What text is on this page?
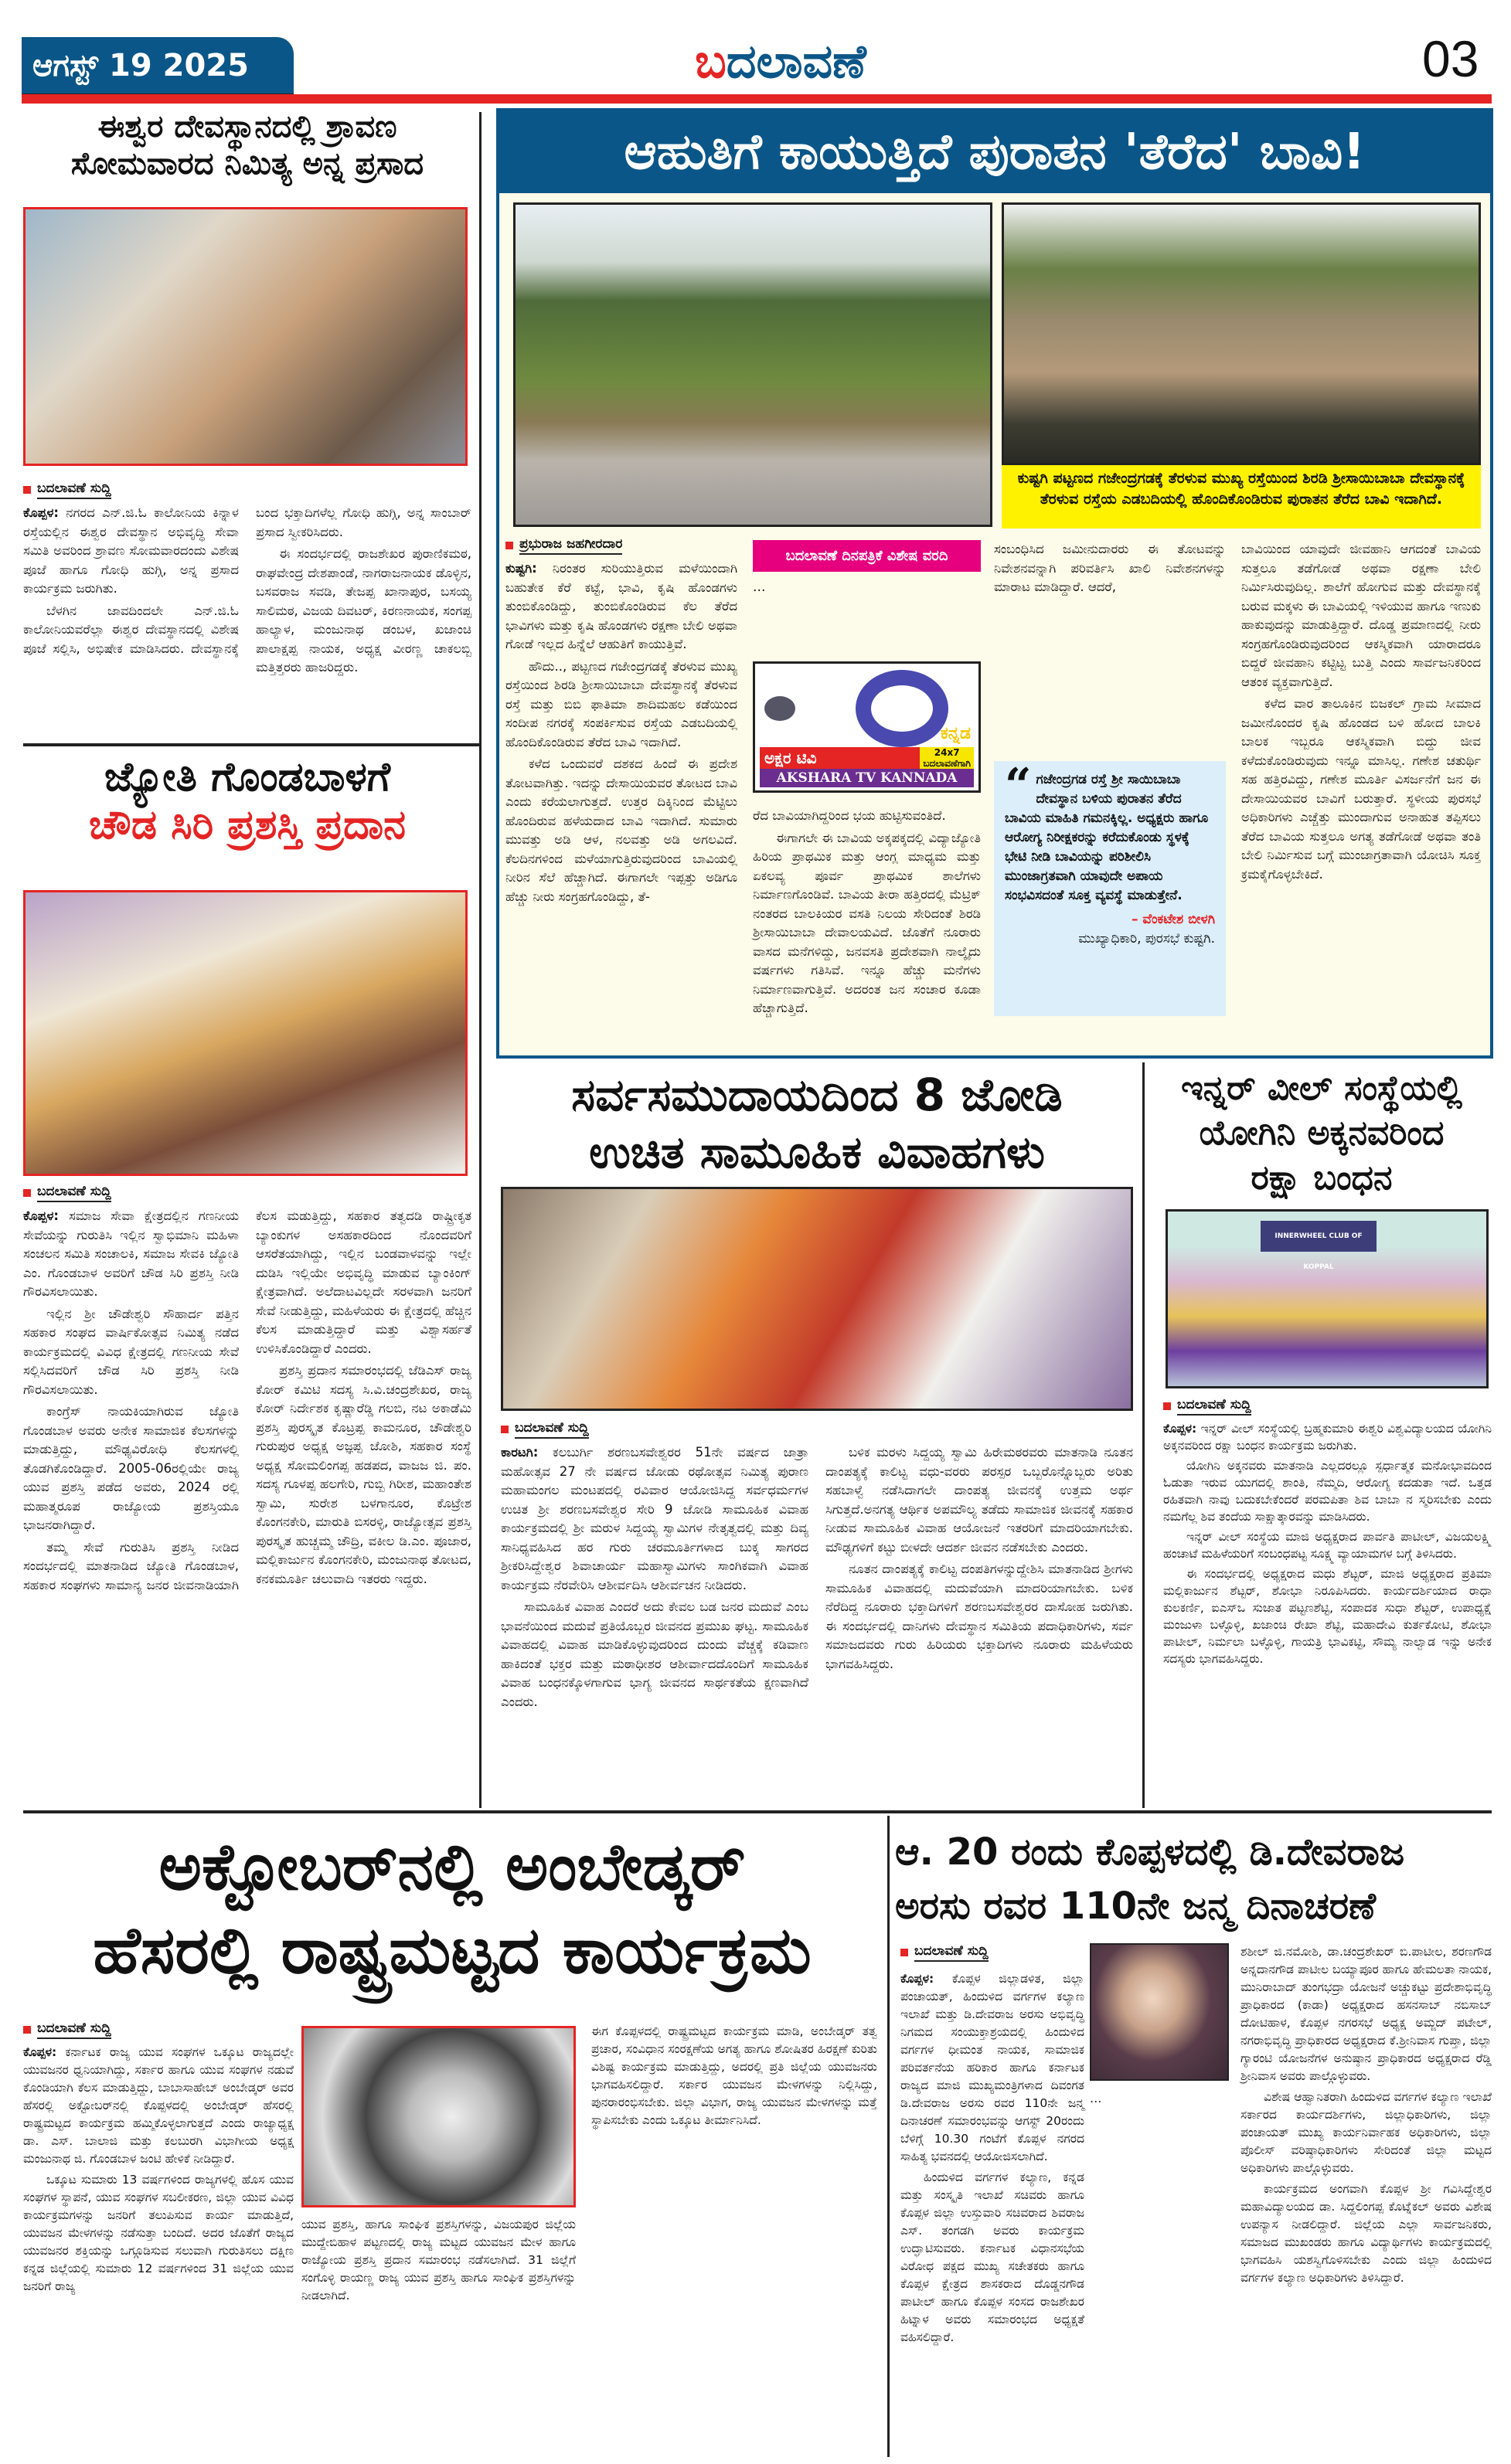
ಆಗಸ್ಟ್ 19 2025	ಬದಲಾವಣೆ	03
ಈಶ್ವರ ದೇವಸ್ಥಾನದಲ್ಲಿ ಶ್ರಾವಣ
ಸೋಮವಾರದ ನಿಮಿತ್ಯ ಅನ್ನ ಪ್ರಸಾದ
ಬದಲಾವಣೆ ಸುದ್ದಿ

ಕೊಪ್ಪಳ: ನಗರದ ಎನ್.ಜಿ.ಓ ಕಾಲೋನಿಯ ಕಿನ್ನಾಳ ರಸ್ತೆಯಲ್ಲಿನ ಈಶ್ವರ ದೇವಸ್ಥಾನ ಅಭಿವೃದ್ಧಿ ಸೇವಾ ಸಮಿತಿ ಅವರಿಂದ ಶ್ರಾವಣ ಸೋಮವಾರದಂದು ವಿಶೇಷ ಪೂಜೆ ಹಾಗೂ ಗೋಧಿ ಹುಗ್ಗಿ, ಅನ್ನ ಪ್ರಸಾದ ಕಾರ್ಯಕ್ರಮ ಜರುಗಿತು.

ಬೆಳಗಿನ ಜಾವದಿಂದಲೇ ಎನ್.ಜಿ.ಓ ಕಾಲೋನಿಯವರೆಲ್ಲಾ ಈಶ್ವರ ದೇವಸ್ಥಾನದಲ್ಲಿ ವಿಶೇಷ ಪೂಜೆ ಸಲ್ಲಿಸಿ, ಅಭಿಷೇಕ ಮಾಡಿಸಿದರು. ದೇವಸ್ಥಾನಕ್ಕೆ ಬಂದ ಭಕ್ತಾದಿಗಳೆಲ್ಲ ಗೋಧಿ ಹುಗ್ಗಿ, ಅನ್ನ ಸಾಂಬಾರ್ ಪ್ರಸಾದ ಸ್ವೀಕರಿಸಿದರು.

ಈ ಸಂದರ್ಭದಲ್ಲಿ ರಾಜಶೇಖರ ಪುರಾಣಿಕಮಠ, ರಾಘವೇಂದ್ರ ದೇಶಪಾಂಡೆ, ನಾಗರಾಜನಾಯಕ ಡೊಳ್ಳಿನ, ಬಸವರಾಜ ಸವಡಿ, ತೇಜಪ್ಪ ಖಾನಾಪುರ, ಬಸಯ್ಯ ಸಾಲಿಮಠ, ವಿಜಯ ದಿವಟರ್, ಕಿರಣನಾಯಕ, ಸಂಗಪ್ಪ ಹಾಲ್ಯಾಳ, ಮಂಜುನಾಥ ಡಂಬಳ, ಖಜಾಂಚಿ ಪಾಲಾಕ್ಷಪ್ಪ ನಾಯಕ, ಅಧ್ಯಕ್ಷ ವೀರಣ್ಣ ಚಾಕಲಬ್ಬಿ ಮತ್ತಿತ್ತರರು ಹಾಜರಿದ್ದರು.

ಜ್ಯೋತಿ ಗೊಂಡಬಾಳಗೆ
ಚೌಡ ಸಿರಿ ಪ್ರಶಸ್ತಿ ಪ್ರದಾನ
ಬದಲಾವಣೆ ಸುದ್ದಿ

ಕೊಪ್ಪಳ: ಸಮಾಜ ಸೇವಾ ಕ್ಷೇತ್ರದಲ್ಲಿನ ಗಣನೀಯ ಸೇವೆಯನ್ನು ಗುರುತಿಸಿ ಇಲ್ಲಿನ ಸ್ವಾಭಿಮಾನಿ ಮಹಿಳಾ ಸಂಚಲನ ಸಮಿತಿ ಸಂಚಾಲಕಿ, ಸಮಾಜ ಸೇವಕಿ ಜ್ಯೋತಿ ಎಂ. ಗೊಂಡಬಾಳ ಅವರಿಗೆ ಚೌಡ ಸಿರಿ ಪ್ರಶಸ್ತಿ ನೀಡಿ ಗೌರವಿಸಲಾಯಿತು.

ಇಲ್ಲಿನ ಶ್ರೀ ಚೌಡೇಶ್ವರಿ ಸೌಹಾರ್ದ ಪತ್ತಿನ ಸಹಕಾರ ಸಂಘದ ವಾರ್ಷಿಕೋತ್ಸವ ನಿಮಿತ್ಯ ನಡೆದ ಕಾರ್ಯಕ್ರಮದಲ್ಲಿ ವಿವಿಧ ಕ್ಷೇತ್ರದಲ್ಲಿ ಗಣನೀಯ ಸೇವೆ ಸಲ್ಲಿಸಿದವರಿಗೆ ಚೌಡ ಸಿರಿ ಪ್ರಶಸ್ತಿ ನೀಡಿ ಗೌರವಿಸಲಾಯಿತು.

ಕಾಂಗ್ರೆಸ್ ನಾಯಕಿಯಾಗಿರುವ ಜ್ಯೋತಿ ಗೊಂಡಬಾಳ ಅವರು ಅನೇಕ ಸಾಮಾಜಿಕ ಕೆಲಸಗಳನ್ನು ಮಾಡುತ್ತಿದ್ದು, ಮೌಢ್ಯವಿರೋಧಿ ಕೆಲಸಗಳಲ್ಲಿ ತೊಡಗಿಕೊಂಡಿದ್ದಾರೆ. 2005-06ರಲ್ಲಿಯೇ ರಾಜ್ಯ ಯುವ ಪ್ರಶಸ್ತಿ ಪಡೆದ ಅವರು, 2024 ರಲ್ಲಿ ಮಹಾತ್ಮರೂಪ ರಾಜ್ಯೋಯ ಪ್ರಶಸ್ತಿಯೂ ಭಾಜನರಾಗಿದ್ದಾರೆ.

ತಮ್ಮ ಸೇವೆ ಗುರುತಿಸಿ ಪ್ರಶಸ್ತಿ ನೀಡಿದ ಸಂದರ್ಭದಲ್ಲಿ ಮಾತನಾಡಿದ ಜ್ಯೋತಿ ಗೊಂಡಬಾಳ, ಸಹಕಾರ ಸಂಘಗಳು ಸಾಮಾನ್ಯ ಜನರ ಜೀವನಾಡಿಯಾಗಿ ಕೆಲಸ ಮಡುತ್ತಿದ್ದು, ಸಹಕಾರ ತತ್ವದಡಿ ರಾಷ್ಟ್ರೀಕೃತ ಬ್ಯಾಂಕುಗಳ ಅಸಹಕಾರದಿಂದ ನೊಂದವರಿಗೆ ಆಸರೆತಯಾಗಿದ್ದು, ಇಲ್ಲಿನ ಬಂಡವಾಳವನ್ನು ಇಲ್ಲೇ ದುಡಿಸಿ ಇಲ್ಲಿಯೇ ಅಭಿವೃದ್ಧಿ ಮಾಡುವ ಬ್ಯಾಂಕಿಂಗ್ ಕ್ಷೇತ್ರವಾಗಿದೆ. ಅಲೆದಾಟವಿಲ್ಲದೇ ಸರಳವಾಗಿ ಜನರಿಗೆ ಸೇವೆ ನೀಡುತ್ತಿದ್ದು, ಮಹಿಳೆಯರು ಈ ಕ್ಷೇತ್ರದಲ್ಲಿ ಹೆಚ್ಚಿನ ಕೆಲಸ ಮಾಡುತ್ತಿದ್ದಾರೆ ಮತ್ತು ವಿಶ್ವಾಸರ್ಹತೆ ಉಳಿಸಿಕೊಂಡಿದ್ದಾರೆ ಎಂದರು.

ಪ್ರಶಸ್ತಿ ಪ್ರದಾನ ಸಮಾರಂಭದಲ್ಲಿ ಜೆಡಿಎಸ್ ರಾಜ್ಯ ಕೋರ್ ಕಮಿಟಿ ಸದಸ್ಯ ಸಿ.ವಿ.ಚಂದ್ರಶೇಖರ, ರಾಜ್ಯ ಕೋರ್ ನಿರ್ದೇಶಕ ಕೃಷ್ಣಾರೆಡ್ಡಿ ಗಲಬಿ, ನಟ ಅಕಾಡೆಮಿ ಪ್ರಶಸ್ತಿ ಪುರಸ್ಕೃತ ಕೊಟ್ರಪ್ಪ ಕಾಮನೂರ, ಚೌಡೇಶ್ವರಿ ಗುರುಪುರ ಅಧ್ಯಕ್ಷ ಅಜ್ಞಪ್ಪ ಜೋಶಿ, ಸಹಕಾರ ಸಂಸ್ಥೆ ಅಧ್ಯಕ್ಷ ಸೋಮಲಿಂಗಪ್ಪ ಹಡಪದ, ವಾಜಜ ಜಿ. ಪಂ. ಸದಸ್ಯ ಗೂಳಪ್ಪ ಹಲಗೇರಿ, ಗುಬ್ಬಿ ಗಿರೀಶ, ಮಹಾಂತೇಶ ಸ್ವಾಮಿ, ಸುರೇಶ ಬಳಗಾನೂರ, ಕೊಟ್ರೇಶ ಕೊಂಗನಕೇರಿ, ಮಾರುತಿ ಬಿಸರಳ್ಳಿ, ರಾಜ್ಯೋತ್ಸವ ಪ್ರಶಸ್ತಿ ಪುರಸ್ಕೃತ ಹುಚ್ಚಮ್ಮ ಚೌದ್ರಿ, ವಕೀಲ ಡಿ.ಎಂ. ಪೂಜಾರ, ಮಲ್ಲಿಕಾರ್ಜುನ ಕೊಂಗನಕೇರಿ, ಮಂಜುನಾಥ ತೋಟದ, ಕನಕಮೂರ್ತಿ ಚಲುವಾದಿ ಇತರರು ಇದ್ದರು.

ಆಹುತಿಗೆ ಕಾಯುತ್ತಿದೆ ಪುರಾತನ 'ತೆರೆದ' ಬಾವಿ!
ಕುಷ್ಟಗಿ ಪಟ್ಟಣದ ಗಜೇಂದ್ರಗಡಕ್ಕೆ ತೆರಳುವ ಮುಖ್ಯ ರಸ್ತೆಯಿಂದ ಶಿರಡಿ ಶ್ರೀಸಾಯಿಬಾಬಾ ದೇವಸ್ಥಾನಕ್ಕೆ ತೆರಳುವ ರಸ್ತೆಯ ಎಡಬದಿಯಲ್ಲಿ ಹೊಂದಿಕೊಂಡಿರುವ ಪುರಾತನ ತೆರೆದ ಬಾವಿ ಇದಾಗಿದೆ.
ಪ್ರಭುರಾಜ ಜಹಗೀರದಾರ

ಕುಷ್ಟಗಿ: ನಿರಂತರ ಸುರಿಯುತ್ತಿರುವ ಮಳೆಯಿಂದಾಗಿ ಬಹುತೇಕ ಕೆರೆ ಕಟ್ಟೆ, ಭಾವಿ, ಕೃಷಿ ಹೊಂಡಗಳು ತುಂಬಿಕೊಂಡಿದ್ದು, ತುಂಬಿಕೊಂಡಿರುವ ಕೆಲ ತೆರೆದ ಭಾವಿಗಳು ಮತ್ತು ಕೃಷಿ ಹೊಂಡಗಳು ರಕ್ಷಣಾ ಬೇಲಿ ಅಥವಾ ಗೋಡೆ ಇಲ್ಲದ ಹಿನ್ನೆಲೆ ಆಹುತಿಗೆ ಕಾಯುತ್ತಿವೆ.

ಹೌದು.., ಪಟ್ಟಣದ ಗಜೇಂದ್ರಗಡಕ್ಕೆ ತೆರಳುವ ಮುಖ್ಯ ರಸ್ತೆಯಿಂದ ಶಿರಡಿ ಶ್ರೀಸಾಯಿಬಾಬಾ ದೇವಸ್ಥಾನಕ್ಕೆ ತೆರಳುವ ರಸ್ತೆ ಮತ್ತು ಬಿಬಿ ಫಾತಿಮಾ ಶಾದಿಮಹಲ ಕಡೆಯಿಂದ ಸಂದೀಪ ನಗರಕ್ಕೆ ಸಂಪರ್ಕಿಸುವ ರಸ್ತೆಯ ಎಡಬದಿಯಲ್ಲಿ ಹೊಂದಿಕೊಂಡಿರುವ ತೆರೆದ ಬಾವಿ ಇದಾಗಿದೆ.

ಕಳೆದ ಒಂದುವರೆ ದಶಕದ ಹಿಂದೆ ಈ ಪ್ರದೇಶ ತೋಟವಾಗಿತ್ತು. ಇದನ್ನು ದೇಸಾಯಿಯವರ ತೋಟದ ಬಾವಿ ಎಂದು ಕರೆಯಲಾಗುತ್ತದೆ. ಉತ್ತರ ದಿಕ್ಕಿನಿಂದ ಮೆಟ್ಟಿಲು ಹೊಂದಿರುವ ಹಳೆಯದಾದ ಬಾವಿ ಇದಾಗಿದೆ. ಸುಮಾರು ಮುವತ್ತು ಅಡಿ ಆಳ, ನಲವತ್ತು ಅಡಿ ಅಗಲವಿದೆ. ಕೆಲದಿನಗಳಿಂದ ಮಳೆಯಾಗುತ್ತಿರುವುದರಿಂದ ಬಾವಿಯಲ್ಲಿ ನೀರಿನ ಸೆಲೆ ಹೆಚ್ಚಾಗಿದೆ. ಈಗಾಗಲೇ ಇಪ್ಪತ್ತು ಅಡಿಗೂ ಹೆಚ್ಚು ನೀರು ಸಂಗ್ರಹಗೊಂಡಿದ್ದು, ತೆ-

ಬದಲಾವಣೆ ದಿನಪತ್ರಿಕೆ ವಿಶೇಷ ವರದಿ

…

ಕನ್ನಡ
ಅಕ್ಷರ ಟಿವಿ	24x7
ಬದಲಾವಣೆಗಾಗಿ
AKSHARA TV KANNADA

ರೆದ ಬಾವಿಯಾಗಿದ್ದರಿಂದ ಭಯ ಹುಟ್ಟಿಸುವಂತಿದೆ.

ಈಗಾಗಲೇ ಈ ಬಾವಿಯ ಅಕ್ಕಪಕ್ಕದಲ್ಲಿ ವಿದ್ಯಾಜ್ಯೋತಿ ಹಿರಿಯ ಪ್ರಾಥಮಿಕ ಮತ್ತು ಆಂಗ್ಲ ಮಾಧ್ಯಮ ಮತ್ತು ಏಕಲವ್ಯ ಪೂರ್ವ ಪ್ರಾಥಮಿಕ ಶಾಲೆಗಳು ನಿರ್ಮಾಣಗೊಂಡಿವೆ. ಬಾವಿಯ ತೀರಾ ಹತ್ತಿರದಲ್ಲಿ ಮೆಟ್ರಿಕ್ ನಂತರದ ಬಾಲಕಿಯರ ವಸತಿ ನಿಲಯ ಸೇರಿದಂತೆ ಶಿರಡಿ ಶ್ರೀಸಾಯಿಬಾಬಾ ದೇವಾಲಯವಿದೆ. ಜೊತೆಗೆ ನೂರಾರು ವಾಸದ ಮನೆಗಳಿದ್ದು, ಜನವಸತಿ ಪ್ರದೇಶವಾಗಿ ನಾಲ್ಕೈದು ವರ್ಷಗಳು ಗತಿಸಿವೆ. ಇನ್ನೂ ಹೆಚ್ಚು ಮನೆಗಳು ನಿರ್ಮಾಣವಾಗುತ್ತಿವೆ. ಅದರಂತ ಜನ ಸಂಚಾರ ಕೂಡಾ ಹೆಚ್ಚಾಗುತ್ತಿದೆ.

ಸಂಬಂಧಿಸಿದ ಜಮೀನುದಾರರು ಈ ತೋಟವನ್ನು ನಿವೇಶನವನ್ನಾಗಿ ಪರಿವರ್ತಿಸಿ ಖಾಲಿ ನಿವೇಶನಗಳನ್ನು ಮಾರಾಟ ಮಾಡಿದ್ದಾರೆ. ಆದರೆ,

“ ಗಜೇಂದ್ರಗಡ ರಸ್ತೆ ಶ್ರೀ ಸಾಯಿಬಾಬಾ ದೇವಸ್ಥಾನ ಬಳಿಯ ಪುರಾತನ ತೆರೆದ ಬಾವಿಯ ಮಾಹಿತಿ ಗಮನಕ್ಕಿಲ್ಲ. ಅಧ್ಯಕ್ಷರು ಹಾಗೂ ಆರೋಗ್ಯ ನಿರೀಕ್ಷಕರನ್ನು ಕರೆದುಕೊಂಡು ಸ್ಥಳಕ್ಕೆ ಭೇಟಿ ನೀಡಿ ಬಾವಿಯನ್ನು ಪರಿಶೀಲಿಸಿ ಮುಂಜಾಗ್ರತವಾಗಿ ಯಾವುದೇ ಅಪಾಯ ಸಂಭವಿಸದಂತೆ ಸೂಕ್ತ ವ್ಯವಸ್ಥೆ ಮಾಡುತ್ತೇನೆ.
– ವೆಂಕಟೇಶ ಬೀಳಗಿ
ಮುಖ್ಯಾಧಿಕಾರಿ, ಪುರಸಭೆ ಕುಷ್ಟಗಿ.

ಬಾವಿಯಿಂದ ಯಾವುದೇ ಜೀವಹಾನಿ ಆಗದಂತೆ ಬಾವಿಯ ಸುತ್ತಲೂ ತಡೆಗೋಡೆ ಅಥವಾ ರಕ್ಷಣಾ ಬೇಲಿ ನಿರ್ಮಿಸಿರುವುದಿಲ್ಲ. ಶಾಲೆಗೆ ಹೋಗುವ ಮತ್ತು ದೇವಸ್ಥಾನಕ್ಕೆ ಬರುವ ಮಕ್ಕಳು ಈ ಬಾವಿಯಲ್ಲಿ ಇಳಿಯುವ ಹಾಗೂ ಇಣುಕು ಹಾಕುವುದನ್ನು ಮಾಡುತ್ತಿದ್ದಾರೆ. ದೊಡ್ಡ ಪ್ರಮಾಣದಲ್ಲಿ ನೀರು ಸಂಗ್ರಹಗೊಂಡಿರುವುದರಿಂದ ಆಕಸ್ಮಿಕವಾಗಿ ಯಾರಾದರೂ ಬಿದ್ದರೆ ಜೀವಹಾನಿ ಕಟ್ಟಿಟ್ಟ ಬುತ್ತಿ ಎಂದು ಸಾರ್ವಜನಿಕರಿಂದ ಆತಂಕ ವ್ಯಕ್ತವಾಗುತ್ತಿದೆ.

ಕಳೆದ ವಾರ ತಾಲೂಕಿನ ಬಿಜಕಲ್ ಗ್ರಾಮ ಸೀಮಾದ ಜಮೀನೊಂದರ ಕೃಷಿ ಹೊಂಡದ ಬಳಿ ಹೋದ ಬಾಲಕಿ ಬಾಲಕ ಇಬ್ಬರೂ ಆಕಸ್ಮಿಕವಾಗಿ ಬಿದ್ದು ಜೀವ ಕಳೆದುಕೊಂಡಿರುವುದು ಇನ್ನೂ ಮಾಸಿಲ್ಲ. ಗಣೇಶ ಚತುರ್ಥಿ ಸಹ ಹತ್ತಿರವಿದ್ದು, ಗಣೇಶ ಮೂರ್ತಿ ವಿಸರ್ಜನೆಗೆ ಜನ ಈ ದೇಸಾಯಿಯವರ ಬಾವಿಗೆ ಬರುತ್ತಾರೆ. ಸ್ಥಳೀಯ ಪುರಸಭೆ ಅಧಿಕಾರಿಗಳು ಎಚ್ಚೆತ್ತು ಮುಂದಾಗುವ ಅನಾಹುತ ತಪ್ಪಿಸಲು ತೆರೆದ ಬಾವಿಯ ಸುತ್ತಲೂ ಅಗತ್ಯ ತಡೆಗೋಡೆ ಅಥವಾ ತಂತಿ ಬೇಲಿ ನಿರ್ಮಿಸುವ ಬಗ್ಗೆ ಮುಂಜಾಗ್ರತಾವಾಗಿ ಯೋಚಿಸಿ ಸೂಕ್ತ ಕ್ರಮಕೈಗೊಳ್ಳಬೇಕಿದೆ.

ಸರ್ವಸಮುದಾಯದಿಂದ 8 ಜೋಡಿ
ಉಚಿತ ಸಾಮೂಹಿಕ ವಿವಾಹಗಳು
ಬದಲಾವಣೆ ಸುದ್ದಿ

ಕಾರಟಗಿ: ಕಲಬುರ್ಗಿ ಶರಣಬಸವೇಶ್ವರರ 51ನೇ ವರ್ಷದ ಜಾತ್ರಾ ಮಹೋತ್ಸವ 27 ನೇ ವರ್ಷದ ಜೋಡು ರಥೋತ್ಸವ ನಿಮಿತ್ಯ ಪುರಾಣ ಮಹಾಮಂಗಲ ಮಂಟಪದಲ್ಲಿ ರವಿವಾರ ಆಯೋಜಿಸಿದ್ದ ಸರ್ವಧರ್ಮಗಳ ಉಚಿತ ಶ್ರೀ ಶರಣಬಸವೇಶ್ವರ ಸೇರಿ 9 ಜೋಡಿ ಸಾಮೂಹಿಕ ವಿವಾಹ ಕಾರ್ಯಕ್ರಮದಲ್ಲಿ ಶ್ರೀ ಮರುಳ ಸಿದ್ದಯ್ಯ ಸ್ವಾಮಿಗಳ ನೇತೃತ್ವದಲ್ಲಿ ಮತ್ತು ದಿವ್ಯ ಸಾನಿಧ್ಯವಹಿಸಿದ ಹರ ಗುರು ಚರಮೂರ್ತಿಗಳಾದ ಬುಕ್ಕ ಸಾಗರದ ಶ್ರೀಕರಿಸಿದ್ದೇಶ್ವರ ಶಿವಾಚಾರ್ಯ ಮಹಾಸ್ವಾಮಿಗಳು ಸಾಂಗಿಕವಾಗಿ ವಿವಾಹ ಕಾರ್ಯಕ್ರಮ ನೆರವೇರಿಸಿ ಆಶೀರ್ವದಿಸಿ ಆಶೀರ್ವಚನ ನೀಡಿದರು.

ಸಾಮೂಹಿಕ ವಿವಾಹ ಎಂದರೆ ಅದು ಕೇವಲ ಬಡ ಜನರ ಮದುವೆ ಎಂಬ ಭಾವನೆಯಿಂದ ಮದುವೆ ಪ್ರತಿಯೊಬ್ಬರ ಜೀವನದ ಪ್ರಮುಖ ಘಟ್ಟ. ಸಾಮೂಹಿಕ ವಿವಾಹದಲ್ಲಿ ವಿವಾಹ ಮಾಡಿಕೊಳ್ಳುವುದರಿಂದ ದುಂದು ವೆಚ್ಚಕ್ಕೆ ಕಡಿವಾಣ ಹಾಕಿದಂತೆ ಭಕ್ತರ ಮತ್ತು ಮಠಾಧೀಶರ ಆಶೀರ್ವಾದದೊಂದಿಗೆ ಸಾಮೂಹಿಕ ವಿವಾಹ ಬಂಧನಕ್ಕೊಳಗಾಗುವ ಭಾಗ್ಯ ಜೀವನದ ಸಾರ್ಥಕತೆಯ ಕ್ಷಣವಾಗಿದೆ ಎಂದರು.

ಬಳಿಕ ಮರಳು ಸಿದ್ದಯ್ಯ ಸ್ವಾಮಿ ಹಿರೇಮಠರವರು ಮಾತನಾಡಿ ನೂತನ ದಾಂಪತ್ಯಕ್ಕೆ ಕಾಲಿಟ್ಟ ವಧು-ವರರು ಪರಸ್ಪರ ಒಬ್ಬರೊನ್ನೊಬ್ಬರು ಅರಿತು ಸಹಬಾಳ್ವೆ ನಡೆಸಿದಾಗಲೇ ದಾಂಪತ್ಯ ಜೀವನಕ್ಕೆ ಉತ್ತಮ ಅರ್ಥ ಸಿಗುತ್ತದೆ.ಅನಗತ್ಯ ಆರ್ಥಿಕ ಅಪಮೌಲ್ಯ ತಡೆದು ಸಾಮಾಜಿಕ ಜೀವನಕ್ಕೆ ಸಹಕಾರ ನೀಡುವ ಸಾಮೂಹಿಕ ವಿವಾಹ ಆಯೋಜನೆ ಇತರರಿಗೆ ಮಾದರಿಯಾಗಬೇಕು. ಮೌಢ್ಯಗಳಿಗೆ ಕಟ್ಟು ಬೀಳದೇ ಆದರ್ಶ ಜೀವನ ನಡೆಸಬೇಕು ಎಂದರು.

ನೂತನ ದಾಂಪತ್ಯಕ್ಕೆ ಕಾಲಿಟ್ಟ ದಂಪತಿಗಳನ್ನುದ್ದೇಶಿಸಿ ಮಾತನಾಡಿದ ಶ್ರೀಗಳು ಸಾಮೂಹಿಕ ವಿವಾಹದಲ್ಲಿ ಮದುವೆಯಾಗಿ ಮಾದರಿಯಾಗಬೇಕು. ಬಳಿಕ ನೆರೆದಿದ್ದ ನೂರಾರು ಭಕ್ತಾದಿಗಳಿಗೆ ಶರಣಬಸವೇಶ್ವರರ ದಾಸೋಹ ಜರುಗಿತು. ಈ ಸಂದರ್ಭದಲ್ಲಿ ದಾನಿಗಳು ದೇವಸ್ಥಾನ ಸಮಿತಿಯ ಪದಾಧಿಕಾರಿಗಳು, ಸರ್ವ ಸಮಾಜದವರು ಗುರು ಹಿರಿಯರು ಭಕ್ತಾದಿಗಳು ನೂರಾರು ಮಹಿಳೆಯರು ಭಾಗವಹಿಸಿದ್ದರು.

ಇನ್ನರ್ ವೀಲ್ ಸಂಸ್ಥೆಯಲ್ಲಿ
ಯೋಗಿನಿ ಅಕ್ಕನವರಿಂದ
ರಕ್ಷಾ ಬಂಧನ
INNERWHEEL CLUB OF KOPPAL
ಬದಲಾವಣೆ ಸುದ್ದಿ

ಕೊಪ್ಪಳ: ಇನ್ನರ್ ವೀಲ್ ಸಂಸ್ಥೆಯಲ್ಲಿ ಬ್ರಹ್ಮಕುಮಾರಿ ಈಶ್ವರಿ ವಿಶ್ವವಿದ್ಯಾಲಯದ ಯೋಗಿನಿ ಅಕ್ಕನವರಿಂದ ರಕ್ಷಾ ಬಂಧನ ಕಾರ್ಯಕ್ರಮ ಜರುಗಿತು.

ಯೋಗಿನಿ ಅಕ್ಕನವರು ಮಾತನಾಡಿ ಎಲ್ಲದರಲ್ಲೂ ಸ್ಪರ್ಧಾತ್ಮಕ ಮನೋಭಾವದಿಂದ ಓಡುತಾ ಇರುವ ಯುಗದಲ್ಲಿ ಶಾಂತಿ, ನೆಮ್ಮದಿ, ಆರೋಗ್ಯ ಕದಡುತಾ ಇದೆ. ಒತ್ತಡ ರಹಿತವಾಗಿ ನಾವು ಬದುಕಬೇಕೆಂದರೆ ಪರಮಪಿತಾ ಶಿವ ಬಾಬಾ ನ ಸ್ಮರಿಸಬೇಕು ಎಂದು ನಮಗೆಲ್ಲ ಶಿವ ತಂದೆಯ ಸಾಕ್ಷಾತ್ಕಾರವನ್ನು ಮಾಡಿಸಿದರು.

ಇನ್ನರ್ ವೀಲ್ ಸಂಸ್ಥೆಯ ಮಾಜಿ ಅಧ್ಯಕ್ಷರಾದ ಪಾರ್ವತಿ ಪಾಟೀಲ್, ವಿಜಯಲಕ್ಷ್ಮಿ ಹಂಚಾಟೆ ಮಹಿಳೆಯರಿಗೆ ಸಂಬಂಧಪಟ್ಟ ಸೂಕ್ಷ್ಮ ವ್ಯಾಯಾಮಗಳ ಬಗ್ಗೆ ತಿಳಿಸಿದರು.

ಈ ಸಂದರ್ಭದಲ್ಲಿ ಅಧ್ಯಕ್ಷರಾದ ಮಧು ಶೆಟ್ಟರ್, ಮಾಜಿ ಅಧ್ಯಕ್ಷರಾದ ಪ್ರತಿಮಾ ಮಲ್ಲಿಕಾರ್ಜುನ ಶೆಟ್ಟರ್, ಶೋಭಾ ನಿರೂಪಿಸಿದರು. ಕಾರ್ಯದರ್ಶಿಯಾದ ರಾಧಾ ಕುಲಕರ್ಣಿ, ಐಎಸ್ಒ ಸುಜಾತ ಪಟ್ಟಣಶೆಟ್ಟಿ, ಸಂಪಾದಕ ಸುಧಾ ಶೆಟ್ಟರ್, ಉಪಾಧ್ಯಕ್ಷೆ ಮಂಜುಳಾ ಬಳ್ಳೊಳ್ಳಿ, ಖಜಾಂಚಿ ರೇಖಾ ಶೆಟ್ಟಿ, ಮಹಾದೇವಿ ಕುರ್ತಕೋಟಿ, ಶೋಭಾ ಪಾಟೀಲ್, ನಿರ್ಮಲಾ ಬಳ್ಳೊಳ್ಳಿ, ಗಾಯತ್ರಿ ಭಾವಿಕಟ್ಟಿ, ಸೌಮ್ಯ ನಾಲ್ವಾಡ ಇನ್ನು ಅನೇಕ ಸದಸ್ಯರು ಭಾಗವಹಿಸಿದ್ದರು.

ಅಕ್ಟೋಬರ್‌ನಲ್ಲಿ ಅಂಬೇಡ್ಕರ್
ಹೆಸರಲ್ಲಿ ರಾಷ್ಟ್ರಮಟ್ಟದ ಕಾರ್ಯಕ್ರಮ
ಬದಲಾವಣೆ ಸುದ್ದಿ

ಕೊಪ್ಪಳ: ಕರ್ನಾಟಕ ರಾಜ್ಯ ಯುವ ಸಂಘಗಳ ಒಕ್ಕೂಟ ರಾಜ್ಯದಲ್ಲೇ ಯುವಜನರ ಧ್ವನಿಯಾಗಿದ್ದು, ಸರ್ಕಾರ ಹಾಗೂ ಯುವ ಸಂಘಗಳ ನಡುವೆ ಕೊಂಡಿಯಾಗಿ ಕೆಲಸ ಮಾಡುತ್ತಿದ್ದು, ಬಾಬಾಸಾಹೇಬ್ ಅಂಬೇಡ್ಕರ್ ಅವರ ಹೆಸರಲ್ಲಿ ಅಕ್ಟೋಬರ್‌ನಲ್ಲಿ ಕೊಪ್ಪಳದಲ್ಲಿ ಅಂಬೇಡ್ಕರ್ ಹೆಸರಲ್ಲಿ ರಾಷ್ಟ್ರಮಟ್ಟದ ಕಾರ್ಯಕ್ರಮ ಹಮ್ಮಿಕೊಳ್ಳಲಾಗುತ್ತದೆ ಎಂದು ರಾಜ್ಯಾಧ್ಯಕ್ಷ ಡಾ. ಎಸ್. ಬಾಲಾಜಿ ಮತ್ತು ಕಲಬುರಗಿ ವಿಭಾಗೀಯ ಅಧ್ಯಕ್ಷ ಮಂಜುನಾಥ ಜಿ. ಗೊಂಡಬಾಳ ಜಂಟಿ ಹೇಳಿಕೆ ನೀಡಿದ್ದಾರೆ.

ಒಕ್ಕೂಟ ಸುಮಾರು 13 ವರ್ಷಗಳಿಂದ ರಾಜ್ಯಗಳಲ್ಲಿ ಹೊಸ ಯುವ ಸಂಘಗಳ ಸ್ಥಾಪನೆ, ಯುವ ಸಂಘಗಳ ಸಬಲೀಕರಣ, ಜಿಲ್ಲಾ ಯುವ ವಿವಿಧ ಕಾರ್ಯಕ್ರಮಗಳನ್ನು ಜನರಿಗೆ ತಲುಪಿಸುವ ಕಾರ್ಯ ಮಾಡುತ್ತಿದೆ, ಯುವಜನ ಮೇಳಗಳನ್ನು ನಡೆಸುತ್ತಾ ಬಂದಿದೆ. ಅದರ ಜೊತೆಗೆ ರಾಜ್ಯದ ಯುವಜನರ ಶಕ್ತಿಯನ್ನು ಒಗ್ಗೂಡಿಸುವ ಸಲುವಾಗಿ ಗುರುತಿಸಲು ದಕ್ಷಿಣ ಕನ್ನಡ ಜಿಲ್ಲೆಯಲ್ಲಿ ಸುಮಾರು 12 ವರ್ಷಗಳಿಂದ 31 ಜಿಲ್ಲೆಯ ಯುವ ಜನರಿಗೆ ರಾಜ್ಯ

ಯುವ ಪ್ರಶಸ್ತಿ, ಹಾಗೂ ಸಾಂಘಿಕ ಪ್ರಶಸ್ತಿಗಳನ್ನು, ವಿಜಯಪುರ ಜಿಲ್ಲೆಯ ಮುದ್ದೇಬಿಹಾಳ ಪಟ್ಟಣದಲ್ಲಿ ರಾಜ್ಯ ಮಟ್ಟದ ಯುವಜನ ಮೇಳ ಹಾಗೂ ರಾಜ್ಯೋಯ ಪ್ರಶಸ್ತಿ ಪ್ರದಾನ ಸಮಾರಂಭ ನಡೆಸಲಾಗಿದೆ. 31 ಜಿಲ್ಲೆಗೆ ಸಂಗೊಳ್ಳಿ ರಾಯಣ್ಣ ರಾಜ್ಯ ಯುವ ಪ್ರಶಸ್ತಿ ಹಾಗೂ ಸಾಂಘಿಕ ಪ್ರಶಸ್ತಿಗಳನ್ನು ನೀಡಲಾಗಿದೆ.

ಈಗ ಕೊಪ್ಪಳದಲ್ಲಿ ರಾಷ್ಟ್ರಮಟ್ಟದ ಕಾರ್ಯಕ್ರಮ ಮಾಡಿ, ಅಂಬೇಡ್ಕರ್ ತತ್ವ ಪ್ರಚಾರ, ಸಂವಿಧಾನ ಸಂರಕ್ಷಣೆಯ ಅಗತ್ಯ ಹಾಗೂ ಶೋಷಿತರ ಹಿರಕ್ಷಣೆ ಕುರಿತು ವಿಶಿಷ್ಟ ಕಾರ್ಯಕ್ರಮ ಮಾಡುತ್ತಿದ್ದು, ಅದರಲ್ಲಿ ಪ್ರತಿ ಜಿಲ್ಲೆಯ ಯುವಜನರು ಭಾಗವಹಿಸಲಿದ್ದಾರೆ. ಸರ್ಕಾರ ಯುವಜನ ಮೇಳಗಳನ್ನು ನಿಲ್ಲಿಸಿದ್ದು, ಪುನರಾರಂಭಿಸಬೇಕು. ಜಿಲ್ಲಾ ವಿಭಾಗ, ರಾಜ್ಯ ಯುವಜನ ಮೇಳಗಳನ್ನು ಮತ್ತೆ ಸ್ಥಾಪಿಸಬೇಕು ಎಂದು ಒಕ್ಕೂಟ ತೀರ್ಮಾನಿಸಿದೆ.

ಆ. 20 ರಂದು ಕೊಪ್ಪಳದಲ್ಲಿ ಡಿ.ದೇವರಾಜ
ಅರಸು ರವರ 110ನೇ ಜನ್ಮ ದಿನಾಚರಣೆ
ಬದಲಾವಣೆ ಸುದ್ದಿ

ಕೊಪ್ಪಳ: ಕೊಪ್ಪಳ ಜಿಲ್ಲಾಡಳಿತ, ಜಿಲ್ಲಾ ಪಂಚಾಯತ್, ಹಿಂದುಳಿದ ವರ್ಗಗಳ ಕಲ್ಯಾಣ ಇಲಾಖೆ ಮತ್ತು ಡಿ.ದೇವರಾಜ ಅರಸು ಅಭಿವೃದ್ಧಿ ನಿಗಮದ ಸಂಯುಕ್ತಾಶ್ರಯದಲ್ಲಿ ಹಿಂದುಳಿದ ವರ್ಗಗಳ ಧೀಮಂತ ನಾಯಕ, ಸಾಮಾಜಿಕ ಪರಿವರ್ತನೆಯ ಹರಿಕಾರ ಹಾಗೂ ಕರ್ನಾಟಕ ರಾಜ್ಯದ ಮಾಜಿ ಮುಖ್ಯಮಂತ್ರಿಗಳಾದ ದಿವಂಗತ ಡಿ.ದೇವರಾಜ ಅರಸು ರವರ 110ನೇ ಜನ್ಮ ದಿನಾಚರಣೆ ಸಮಾರಂಭವನ್ನು ಆಗಸ್ಟ್ 20ರಂದು ಬೆಳಿಗ್ಗೆ 10.30 ಗಂಟೆಗೆ ಕೊಪ್ಪಳ ನಗರದ ಸಾಹಿತ್ಯ ಭವನದಲ್ಲಿ ಆಯೋಜಿಸಲಾಗಿದೆ.

ಹಿಂದುಳಿದ ವರ್ಗಗಳ ಕಲ್ಯಾಣ, ಕನ್ನಡ ಮತ್ತು ಸಂಸ್ಕೃತಿ ಇಲಾಖೆ ಸಚಿವರು ಹಾಗೂ ಕೊಪ್ಪಳ ಜಿಲ್ಲಾ ಉಸ್ತುವಾರಿ ಸಚಿವರಾದ ಶಿವರಾಜ ಎಸ್. ತಂಗಡಗಿ ಅವರು ಕಾರ್ಯಕ್ರಮ ಉದ್ಘಾಟಿಸುವರು. ಕರ್ನಾಟಕ ವಿಧಾನಸಭೆಯ ವಿರೋಧ ಪಕ್ಷದ ಮುಖ್ಯ ಸಚೇತಕರು ಹಾಗೂ ಕೊಪ್ಪಳ ಕ್ಷೇತ್ರದ ಶಾಸಕರಾದ ದೊಡ್ಡನಗೌಡ ಪಾಟೀಲ್ ಹಾಗೂ ಕೊಪ್ಪಳ ಸಂಸದ ರಾಜಶೇಖರ ಹಿಟ್ನಾಳ ಅವರು ಸಮಾರಂಭದ ಅಧ್ಯಕ್ಷತೆ ವಹಿಸಲಿದ್ದಾರೆ.

…

ಶಶೀಲ್ ಜಿ.ನಮೋಶಿ, ಡಾ.ಚಂದ್ರಶೇಖರ್ ಬಿ.ಪಾಟೀಲ, ಶರಣಗೌಡ ಅನ್ನದಾನಗೌಡ ಪಾಟೀಲ ಬಯ್ಯಾಪೂರ ಹಾಗೂ ಹೇಮಲತಾ ನಾಯಕ, ಮುನಿರಾಬಾದ್ ತುಂಗಭದ್ರಾ ಯೋಜನೆ ಅಚ್ಚುಕಟ್ಟು ಪ್ರದೇಶಾಭಿವೃದ್ಧಿ ಪ್ರಾಧಿಕಾರದ (ಕಾಡಾ) ಅಧ್ಯಕ್ಷರಾದ ಹಸನಸಾಬ್ ನಬಿಸಾಬ್ ದೋಟಿಹಾಳ, ಕೊಪ್ಪಳ ನಗರಸಭೆ ಅಧ್ಯಕ್ಷ ಅಮ್ಜದ್ ಪಟೇಲ್, ನಗರಾಭಿವೃದ್ಧಿ ಪ್ರಾಧಿಕಾರದ ಅಧ್ಯಕ್ಷರಾದ ಕೆ.ಶ್ರೀನಿವಾಸ ಗುಪ್ತಾ, ಜಿಲ್ಲಾ ಗ್ಯಾರಂಟಿ ಯೋಜನೆಗಳ ಅನುಷ್ಠಾನ ಪ್ರಾಧಿಕಾರದ ಅಧ್ಯಕ್ಷರಾದ ರೆಡ್ಡಿ ಶ್ರೀನಿವಾಸ ಅವರು ಪಾಲ್ಗೊಳ್ಳುವರು.

ವಿಶೇಷ ಆಹ್ವಾನಿತರಾಗಿ ಹಿಂದುಳಿದ ವರ್ಗಗಳ ಕಲ್ಯಾಣ ಇಲಾಖೆ ಸರ್ಕಾರದ ಕಾರ್ಯದರ್ಶಿಗಳು, ಜಿಲ್ಲಾಧಿಕಾರಿಗಳು, ಜಿಲ್ಲಾ ಪಂಚಾಯತ್ ಮುಖ್ಯ ಕಾರ್ಯನಿರ್ವಾಹಕ ಅಧಿಕಾರಿಗಳು, ಜಿಲ್ಲಾ ಪೊಲೀಸ್ ವರಿಷ್ಠಾಧಿಕಾರಿಗಳು ಸೇರಿದಂತೆ ಜಿಲ್ಲಾ ಮಟ್ಟದ ಅಧಿಕಾರಿಗಳು ಪಾಲ್ಗೊಳ್ಳುವರು.

ಕಾರ್ಯಕ್ರಮದ ಅಂಗವಾಗಿ ಕೊಪ್ಪಳ ಶ್ರೀ ಗವಿಸಿದ್ದೇಶ್ವರ ಮಹಾವಿದ್ಯಾಲಯದ ಡಾ. ಸಿದ್ದಲಿಂಗಪ್ಪ ಕೊಟ್ನೆಕಲ್ ಅವರು ವಿಶೇಷ ಉಪನ್ಯಾಸ ನೀಡಲಿದ್ದಾರೆ. ಜಿಲ್ಲೆಯ ಎಲ್ಲಾ ಸಾರ್ವಜನಿಕರು, ಸಮಾಜದ ಮುಖಂಡರು ಹಾಗೂ ವಿದ್ಯಾರ್ಥಿಗಳು ಕಾರ್ಯಕ್ರಮದಲ್ಲಿ ಭಾಗವಹಿಸಿ ಯಶಸ್ವಿಗೊಳಿಸಬೇಕು ಎಂದು ಜಿಲ್ಲಾ ಹಿಂದುಳಿದ ವರ್ಗಗಳ ಕಲ್ಯಾಣ ಅಧಿಕಾರಿಗಳು ತಿಳಿಸಿದ್ದಾರೆ.
